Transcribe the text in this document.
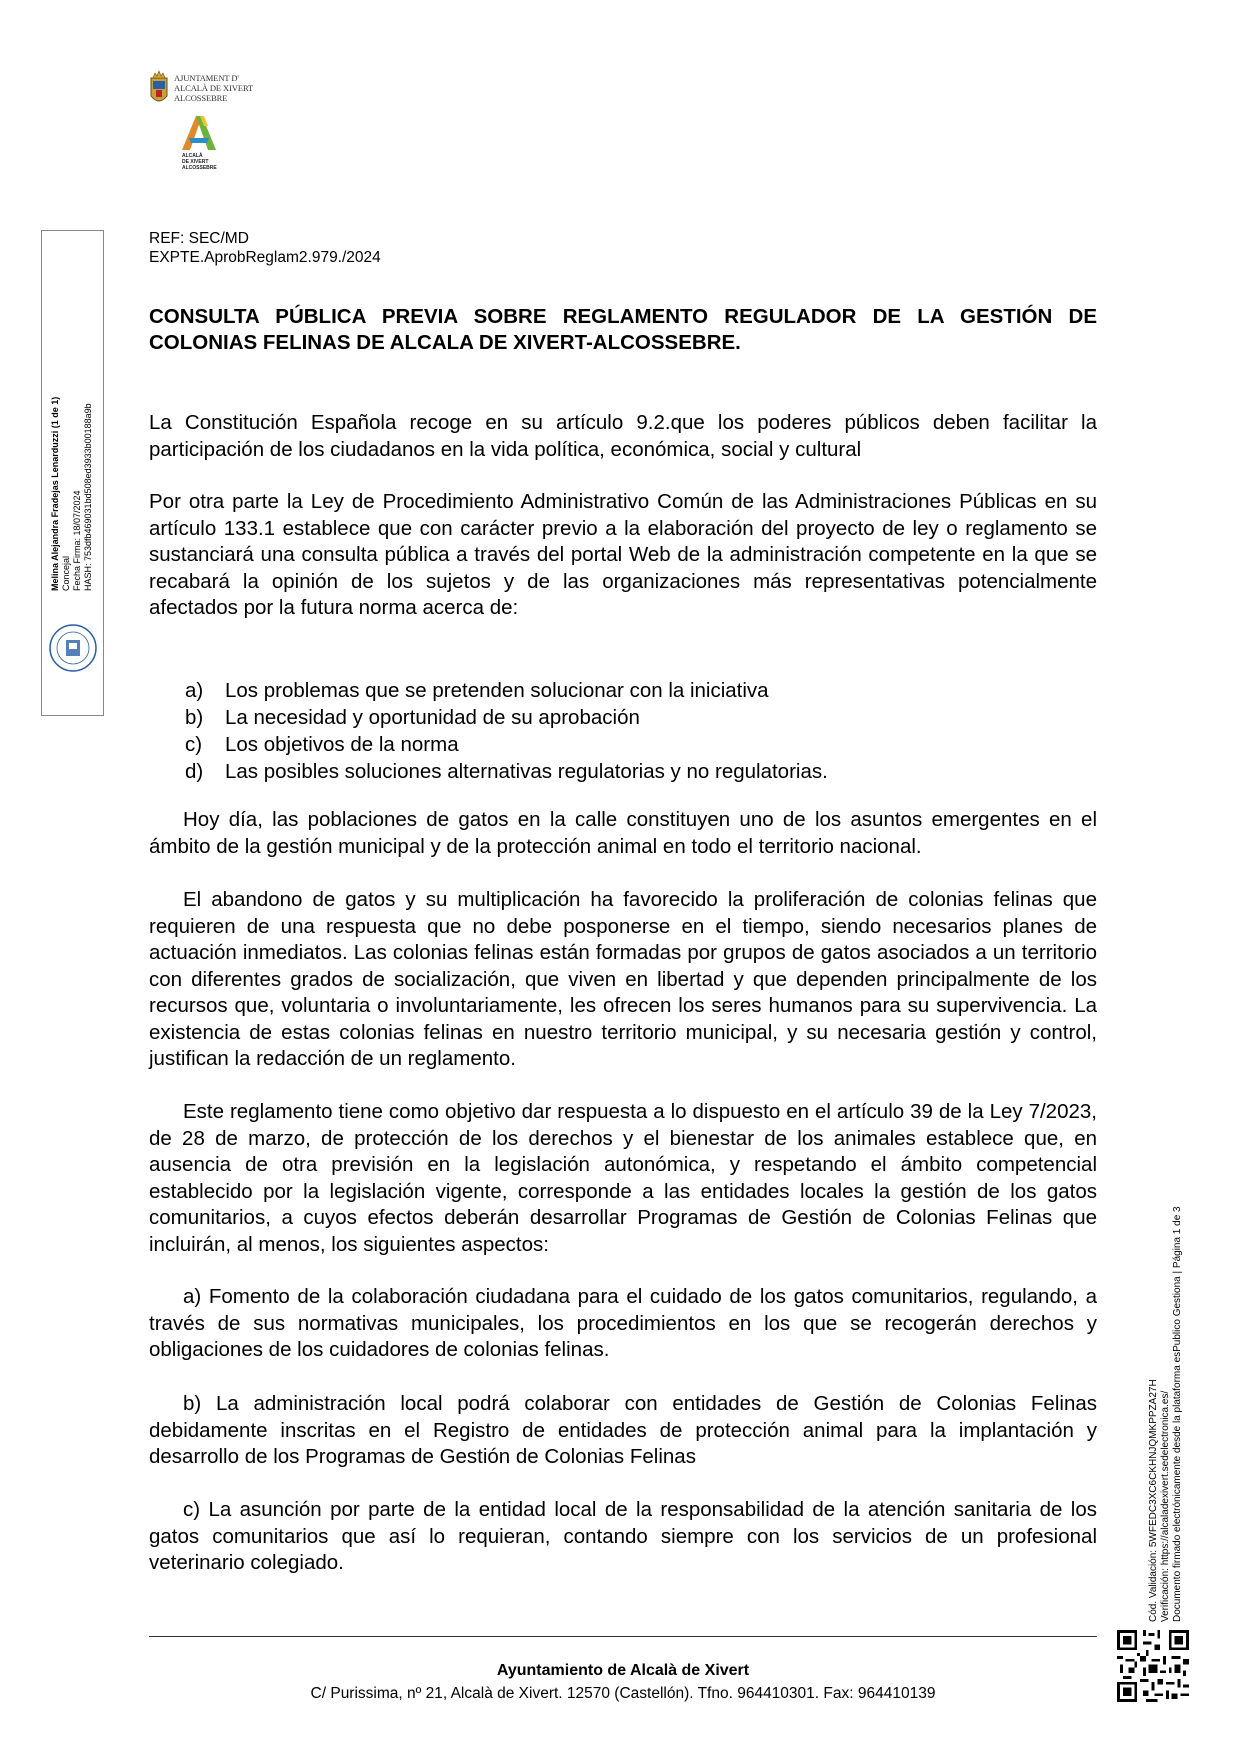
AJUNTAMENT D'
ALCALÀ DE XIVERT
ALCOSSEBRE
ALCALÀ
DE XIVERT
ALCOSSEBRE
Melina Alejandra Fradejas Lenarduzzi (1 de 1) Concejal Fecha Firma: 18/07/2024 HASH: 753dfb469031bd508ed3933b00188a9b
REF: SEC/MD
EXPTE.AprobReglam2.979./2024
CONSULTA PÚBLICA PREVIA SOBRE REGLAMENTO REGULADOR DE LA GESTIÓN DE COLONIAS FELINAS DE ALCALA DE XIVERT-ALCOSSEBRE.

La Constitución Española recoge en su artículo 9.2.que los poderes públicos deben facilitar la participación de los ciudadanos en la vida política, económica, social y cultural

Por otra parte la Ley de Procedimiento Administrativo Común de las Administraciones Públicas en su artículo 133.1 establece que con carácter previo a la elaboración del proyecto de ley o reglamento se sustanciará una consulta pública a través del portal Web de la administración competente en la que se recabará la opinión de los sujetos y de las organizaciones más representativas potencialmente afectados por la futura norma acerca de:

a) Los problemas que se pretenden solucionar con la iniciativa
b) La necesidad y oportunidad de su aprobación
c) Los objetivos de la norma
d) Las posibles soluciones alternativas regulatorias y no regulatorias.

Hoy día, las poblaciones de gatos en la calle constituyen uno de los asuntos emergentes en el ámbito de la gestión municipal y de la protección animal en todo el territorio nacional.

El abandono de gatos y su multiplicación ha favorecido la proliferación de colonias felinas que requieren de una respuesta que no debe posponerse en el tiempo, siendo necesarios planes de actuación inmediatos. Las colonias felinas están formadas por grupos de gatos asociados a un territorio con diferentes grados de socialización, que viven en libertad y que dependen principalmente de los recursos que, voluntaria o involuntariamente, les ofrecen los seres humanos para su supervivencia. La existencia de estas colonias felinas en nuestro territorio municipal, y su necesaria gestión y control, justifican la redacción de un reglamento.

Este reglamento tiene como objetivo dar respuesta a lo dispuesto en el artículo 39 de la Ley 7/2023, de 28 de marzo, de protección de los derechos y el bienestar de los animales establece que, en ausencia de otra previsión en la legislación autonómica, y respetando el ámbito competencial establecido por la legislación vigente, corresponde a las entidades locales la gestión de los gatos comunitarios, a cuyos efectos deberán desarrollar Programas de Gestión de Colonias Felinas que incluirán, al menos, los siguientes aspectos:

a) Fomento de la colaboración ciudadana para el cuidado de los gatos comunitarios, regulando, a través de sus normativas municipales, los procedimientos en los que se recogerán derechos y obligaciones de los cuidadores de colonias felinas.

b) La administración local podrá colaborar con entidades de Gestión de Colonias Felinas debidamente inscritas en el Registro de entidades de protección animal para la implantación y desarrollo de los Programas de Gestión de Colonias Felinas

c) La asunción por parte de la entidad local de la responsabilidad de la atención sanitaria de los gatos comunitarios que así lo requieran, contando siempre con los servicios de un profesional veterinario colegiado.	Cód. Validación: 5WFEDC3XC6CKHNJQMKPPZA27H Verificación: https://alcaladexivert.sedelectronica.es/ Documento firmado electrónicamente desde la plataforma esPublico Gestiona | Página 1 de 3
Ayuntamiento de Alcalà de Xivert
C/ Purissima, nº 21, Alcalà de Xivert. 12570 (Castellón). Tfno. 964410301. Fax: 964410139
